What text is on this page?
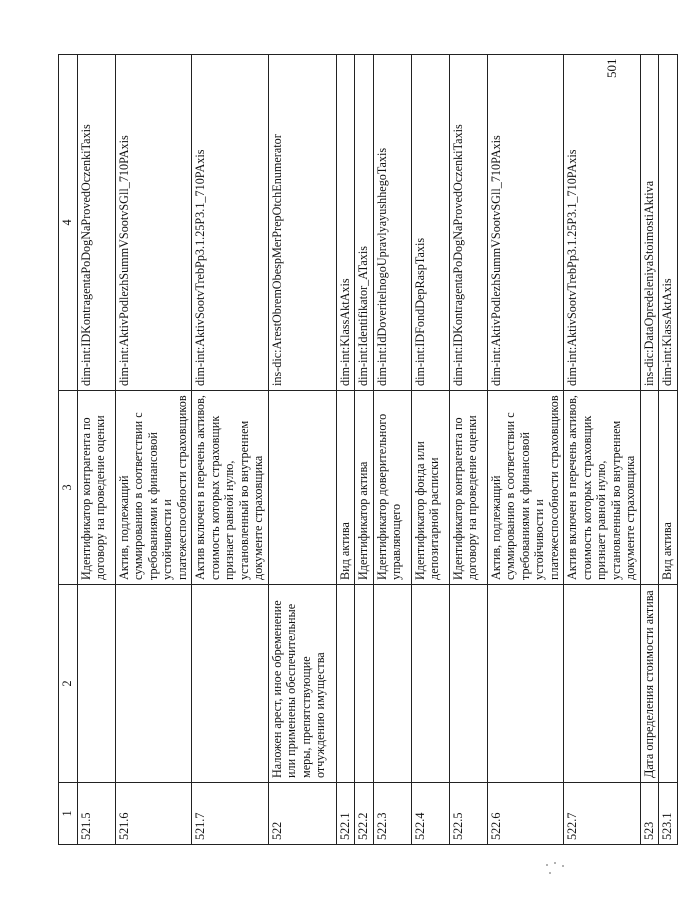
1	2	3	4
521.5		Идентификатор контрагента по договору на проведение оценки	dim-int:IDKontragentaPoDogNaProvedOczenkiTaxis
521.6		Актив, подлежащий суммированию в соответствии с требованиями к финансовой устойчивости и платежеспособности страховщиков	dim-int:AktivPodlezhSummVSootvSGll_710PAxis
521.7		Актив включен в перечень активов, стоимость которых страховщик признает равной нулю, установленный во внутреннем документе страховщика	dim-int:AktivSootvTrebPp3.1.25P3.1_710PAxis
522	Наложен арест, иное обременение или применены обеспечительные меры, препятствующие отчуждению имущества		ins-dic:ArestObremObespMerPrepOtchEnumerator
522.1		Вид актива	dim-int:KlassAktAxis
522.2		Идентификатор актива	dim-int:Identifikator_ATaxis
522.3		Идентификатор доверительного управляющего	dim-int:IdDoveritelnogoUpravlyayushhegoTaxis
522.4		Идентификатор фонда или депозитарной расписки	dim-int:IDFondDepRaspTaxis
522.5		Идентификатор контрагента по договору на проведение оценки	dim-int:IDKontragentaPoDogNaProvedOczenkiTaxis
522.6		Актив, подлежащий суммированию в соответствии с требованиями к финансовой устойчивости и платежеспособности страховщиков	dim-int:AktivPodlezhSummVSootvSGll_710PAxis
522.7		Актив включен в перечень активов, стоимость которых страховщик признает равной нулю, установленный во внутреннем документе страховщика	dim-int:AktivSootvTrebPp3.1.25P3.1_710PAxis
523	Дата определения стоимости актива		ins-dic:DataOpredeleniyaStoimostiAktiva
523.1		Вид актива	dim-int:KlassAktAxis
501
